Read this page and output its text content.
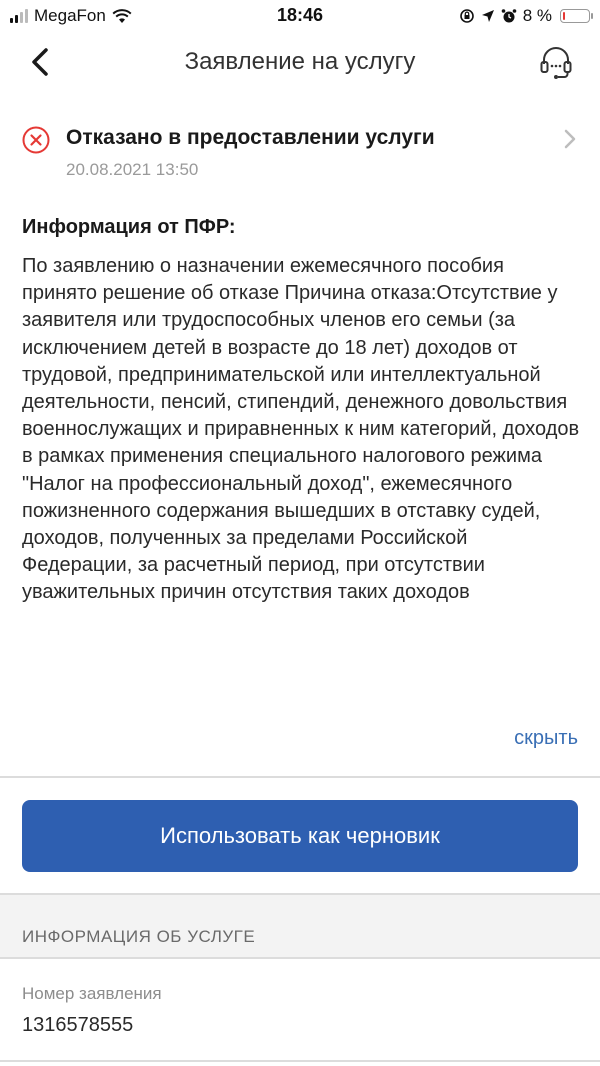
MegaFon	18:46	8 %
Заявление на услугу
Отказано в предоставлении услуги
20.08.2021 13:50
Информация от ПФР:
По заявлению о назначении ежемесячного пособия принято решение об отказе Причина отказа:Отсутствие у заявителя или трудоспособных членов его семьи (за исключением детей в возрасте до 18 лет) доходов от трудовой, предпринимательской или интеллектуальной деятельности, пенсий, стипендий, денежного довольствия военнослужащих и приравненных к ним категорий, доходов в рамках применения специального налогового режима "Налог на профессиональный доход", ежемесячного пожизненного содержания вышедших в отставку судей, доходов, полученных за пределами Российской Федерации, за расчетный период, при отсутствии уважительных причин отсутствия таких доходов
скрыть
Использовать как черновик
ИНФОРМАЦИЯ ОБ УСЛУГЕ
Номер заявления
1316578555
